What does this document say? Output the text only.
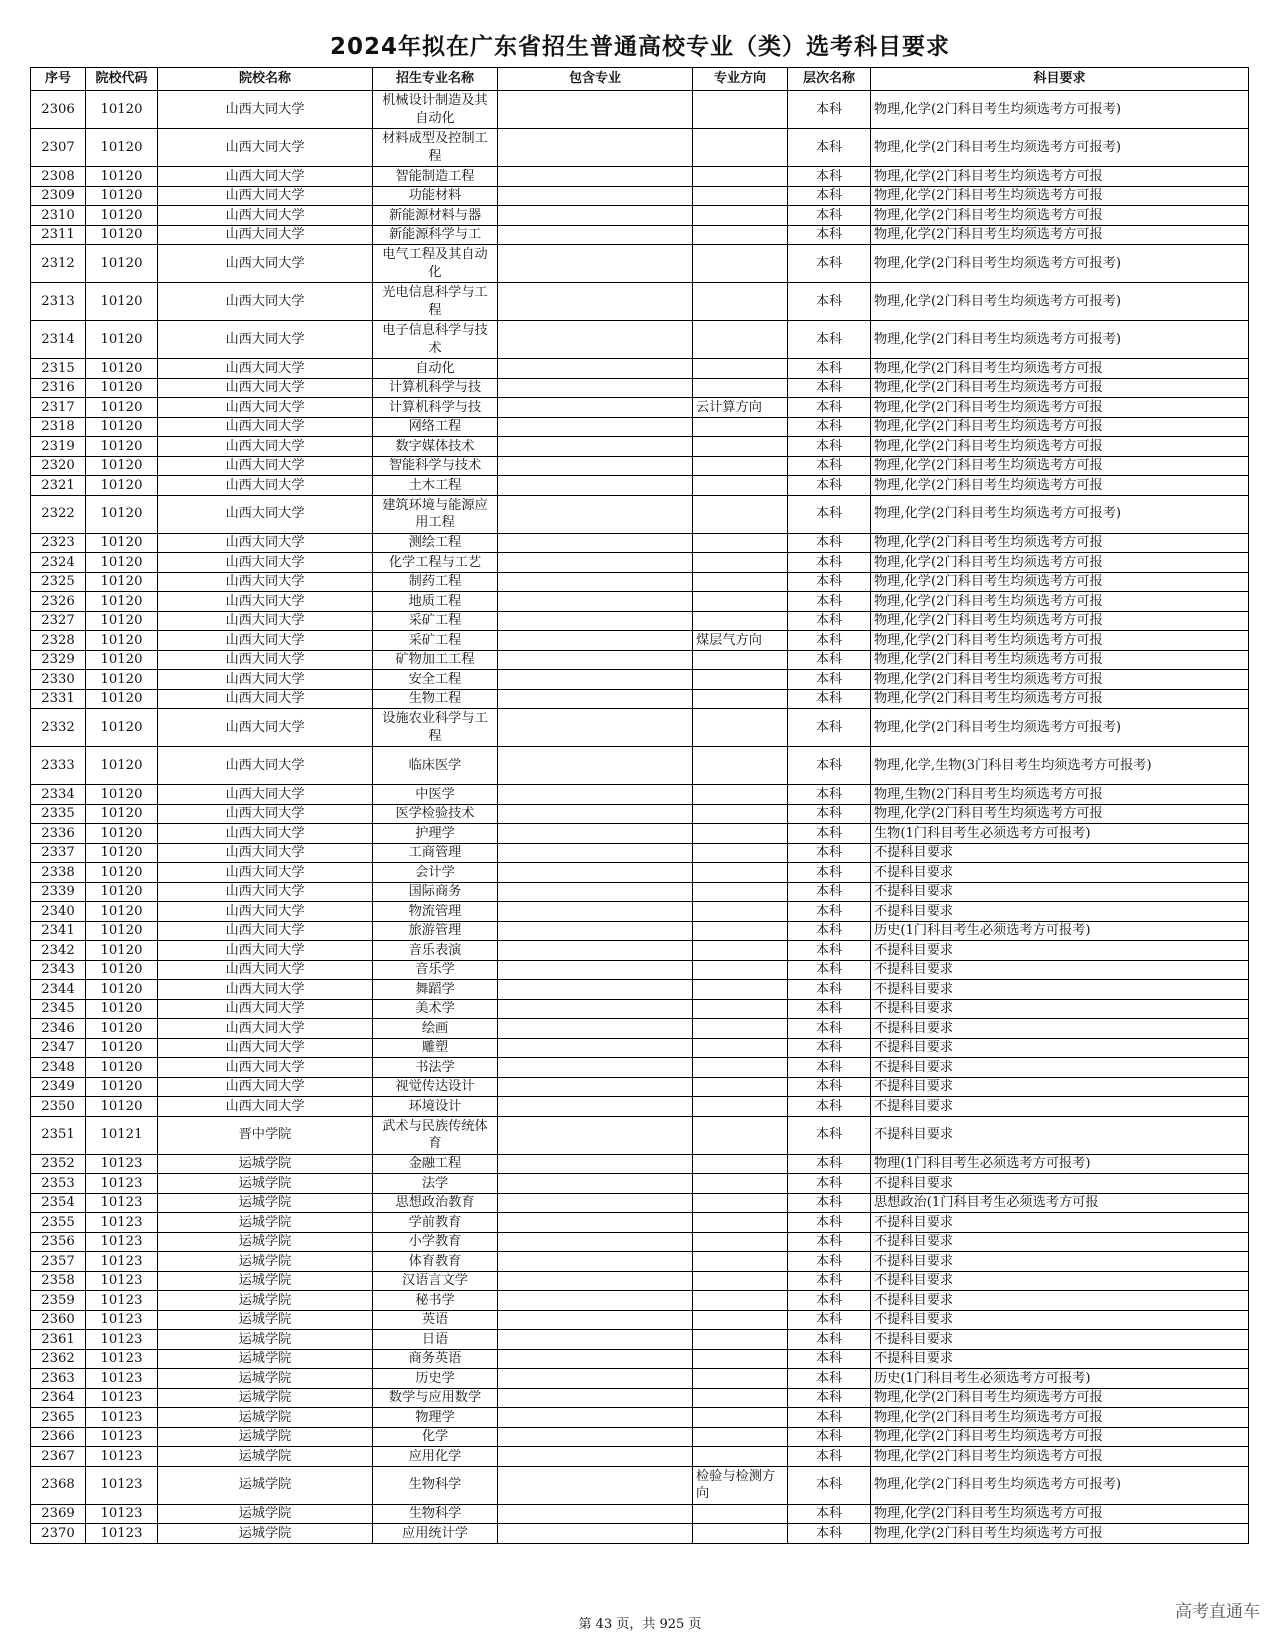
2024年拟在广东省招生普通高校专业（类）选考科目要求
序号	院校代码	院校名称	招生专业名称	包含专业	专业方向	层次名称	科目要求
2306	10120	山西大同大学	机械设计制造及其自动化			本科	物理,化学(2门科目考生均须选考方可报考)
2307	10120	山西大同大学	材料成型及控制工程			本科	物理,化学(2门科目考生均须选考方可报考)
2308	10120	山西大同大学	智能制造工程			本科	物理,化学(2门科目考生均须选考方可报
2309	10120	山西大同大学	功能材料			本科	物理,化学(2门科目考生均须选考方可报
2310	10120	山西大同大学	新能源材料与器			本科	物理,化学(2门科目考生均须选考方可报
2311	10120	山西大同大学	新能源科学与工			本科	物理,化学(2门科目考生均须选考方可报
2312	10120	山西大同大学	电气工程及其自动化			本科	物理,化学(2门科目考生均须选考方可报考)
2313	10120	山西大同大学	光电信息科学与工程			本科	物理,化学(2门科目考生均须选考方可报考)
2314	10120	山西大同大学	电子信息科学与技术			本科	物理,化学(2门科目考生均须选考方可报考)
2315	10120	山西大同大学	自动化			本科	物理,化学(2门科目考生均须选考方可报
2316	10120	山西大同大学	计算机科学与技			本科	物理,化学(2门科目考生均须选考方可报
2317	10120	山西大同大学	计算机科学与技		云计算方向	本科	物理,化学(2门科目考生均须选考方可报
2318	10120	山西大同大学	网络工程			本科	物理,化学(2门科目考生均须选考方可报
2319	10120	山西大同大学	数字媒体技术			本科	物理,化学(2门科目考生均须选考方可报
2320	10120	山西大同大学	智能科学与技术			本科	物理,化学(2门科目考生均须选考方可报
2321	10120	山西大同大学	土木工程			本科	物理,化学(2门科目考生均须选考方可报
2322	10120	山西大同大学	建筑环境与能源应用工程			本科	物理,化学(2门科目考生均须选考方可报考)
2323	10120	山西大同大学	测绘工程			本科	物理,化学(2门科目考生均须选考方可报
2324	10120	山西大同大学	化学工程与工艺			本科	物理,化学(2门科目考生均须选考方可报
2325	10120	山西大同大学	制药工程			本科	物理,化学(2门科目考生均须选考方可报
2326	10120	山西大同大学	地质工程			本科	物理,化学(2门科目考生均须选考方可报
2327	10120	山西大同大学	采矿工程			本科	物理,化学(2门科目考生均须选考方可报
2328	10120	山西大同大学	采矿工程		煤层气方向	本科	物理,化学(2门科目考生均须选考方可报
2329	10120	山西大同大学	矿物加工工程			本科	物理,化学(2门科目考生均须选考方可报
2330	10120	山西大同大学	安全工程			本科	物理,化学(2门科目考生均须选考方可报
2331	10120	山西大同大学	生物工程			本科	物理,化学(2门科目考生均须选考方可报
2332	10120	山西大同大学	设施农业科学与工程			本科	物理,化学(2门科目考生均须选考方可报考)
2333	10120	山西大同大学	临床医学			本科	物理,化学,生物(3门科目考生均须选考方可报考)
2334	10120	山西大同大学	中医学			本科	物理,生物(2门科目考生均须选考方可报
2335	10120	山西大同大学	医学检验技术			本科	物理,化学(2门科目考生均须选考方可报
2336	10120	山西大同大学	护理学			本科	生物(1门科目考生必须选考方可报考)
2337	10120	山西大同大学	工商管理			本科	不提科目要求
2338	10120	山西大同大学	会计学			本科	不提科目要求
2339	10120	山西大同大学	国际商务			本科	不提科目要求
2340	10120	山西大同大学	物流管理			本科	不提科目要求
2341	10120	山西大同大学	旅游管理			本科	历史(1门科目考生必须选考方可报考)
2342	10120	山西大同大学	音乐表演			本科	不提科目要求
2343	10120	山西大同大学	音乐学			本科	不提科目要求
2344	10120	山西大同大学	舞蹈学			本科	不提科目要求
2345	10120	山西大同大学	美术学			本科	不提科目要求
2346	10120	山西大同大学	绘画			本科	不提科目要求
2347	10120	山西大同大学	雕塑			本科	不提科目要求
2348	10120	山西大同大学	书法学			本科	不提科目要求
2349	10120	山西大同大学	视觉传达设计			本科	不提科目要求
2350	10120	山西大同大学	环境设计			本科	不提科目要求
2351	10121	晋中学院	武术与民族传统体育			本科	不提科目要求
2352	10123	运城学院	金融工程			本科	物理(1门科目考生必须选考方可报考)
2353	10123	运城学院	法学			本科	不提科目要求
2354	10123	运城学院	思想政治教育			本科	思想政治(1门科目考生必须选考方可报
2355	10123	运城学院	学前教育			本科	不提科目要求
2356	10123	运城学院	小学教育			本科	不提科目要求
2357	10123	运城学院	体育教育			本科	不提科目要求
2358	10123	运城学院	汉语言文学			本科	不提科目要求
2359	10123	运城学院	秘书学			本科	不提科目要求
2360	10123	运城学院	英语			本科	不提科目要求
2361	10123	运城学院	日语			本科	不提科目要求
2362	10123	运城学院	商务英语			本科	不提科目要求
2363	10123	运城学院	历史学			本科	历史(1门科目考生必须选考方可报考)
2364	10123	运城学院	数学与应用数学			本科	物理,化学(2门科目考生均须选考方可报
2365	10123	运城学院	物理学			本科	物理,化学(2门科目考生均须选考方可报
2366	10123	运城学院	化学			本科	物理,化学(2门科目考生均须选考方可报
2367	10123	运城学院	应用化学			本科	物理,化学(2门科目考生均须选考方可报
2368	10123	运城学院	生物科学		检验与检测方向	本科	物理,化学(2门科目考生均须选考方可报考)
2369	10123	运城学院	生物科学			本科	物理,化学(2门科目考生均须选考方可报
2370	10123	运城学院	应用统计学			本科	物理,化学(2门科目考生均须选考方可报
第 43 页，共 925 页
高考直通车
